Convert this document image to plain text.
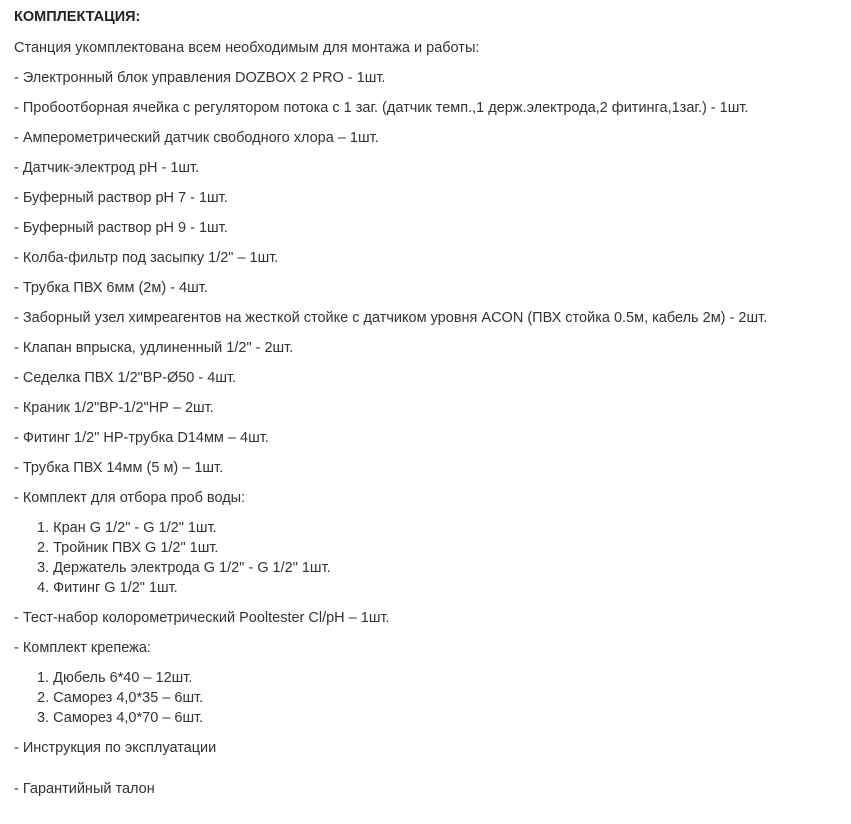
КОМПЛЕКТАЦИЯ:

Станция укомплектована всем необходимым для монтажа и работы:

- Электронный блок управления DOZBOX 2 PRO - 1шт.

- Пробоотборная ячейка с регулятором потока с 1 заг. (датчик темп.,1 держ.электрода,2 фитинга,1заг.) - 1шт.

- Амперометрический датчик свободного хлора – 1шт.

- Датчик-электрод pH - 1шт.

- Буферный раствор pH 7 - 1шт.

- Буферный раствор pH 9 - 1шт.

- Колба-фильтр под засыпку 1/2" – 1шт.

- Трубка ПВХ 6мм (2м) - 4шт.

- Заборный узел химреагентов на жесткой стойке с датчиком уровня ACON (ПВХ стойка 0.5м, кабель 2м) - 2шт.

- Клапан впрыска, удлиненный 1/2" - 2шт.

- Седелка ПВХ 1/2"ВР-Ø50 - 4шт.

- Краник 1/2"ВР-1/2"НР – 2шт.

- Фитинг 1/2" НР-трубка D14мм – 4шт.

- Трубка ПВХ 14мм (5 м) – 1шт.

- Комплект для отбора проб воды:

1. Кран G 1/2" - G 1/2" 1шт.

2. Тройник ПВХ G 1/2" 1шт.

3. Держатель электрода G 1/2" - G 1/2" 1шт.

4. Фитинг G 1/2" 1шт.

- Тест-набор колорометрический Pooltester Cl/pH – 1шт.

- Комплект крепежа:

1. Дюбель 6*40 – 12шт.

2. Саморез 4,0*35 – 6шт.

3. Саморез 4,0*70 – 6шт.

- Инструкция по эксплуатации

- Гарантийный талон
